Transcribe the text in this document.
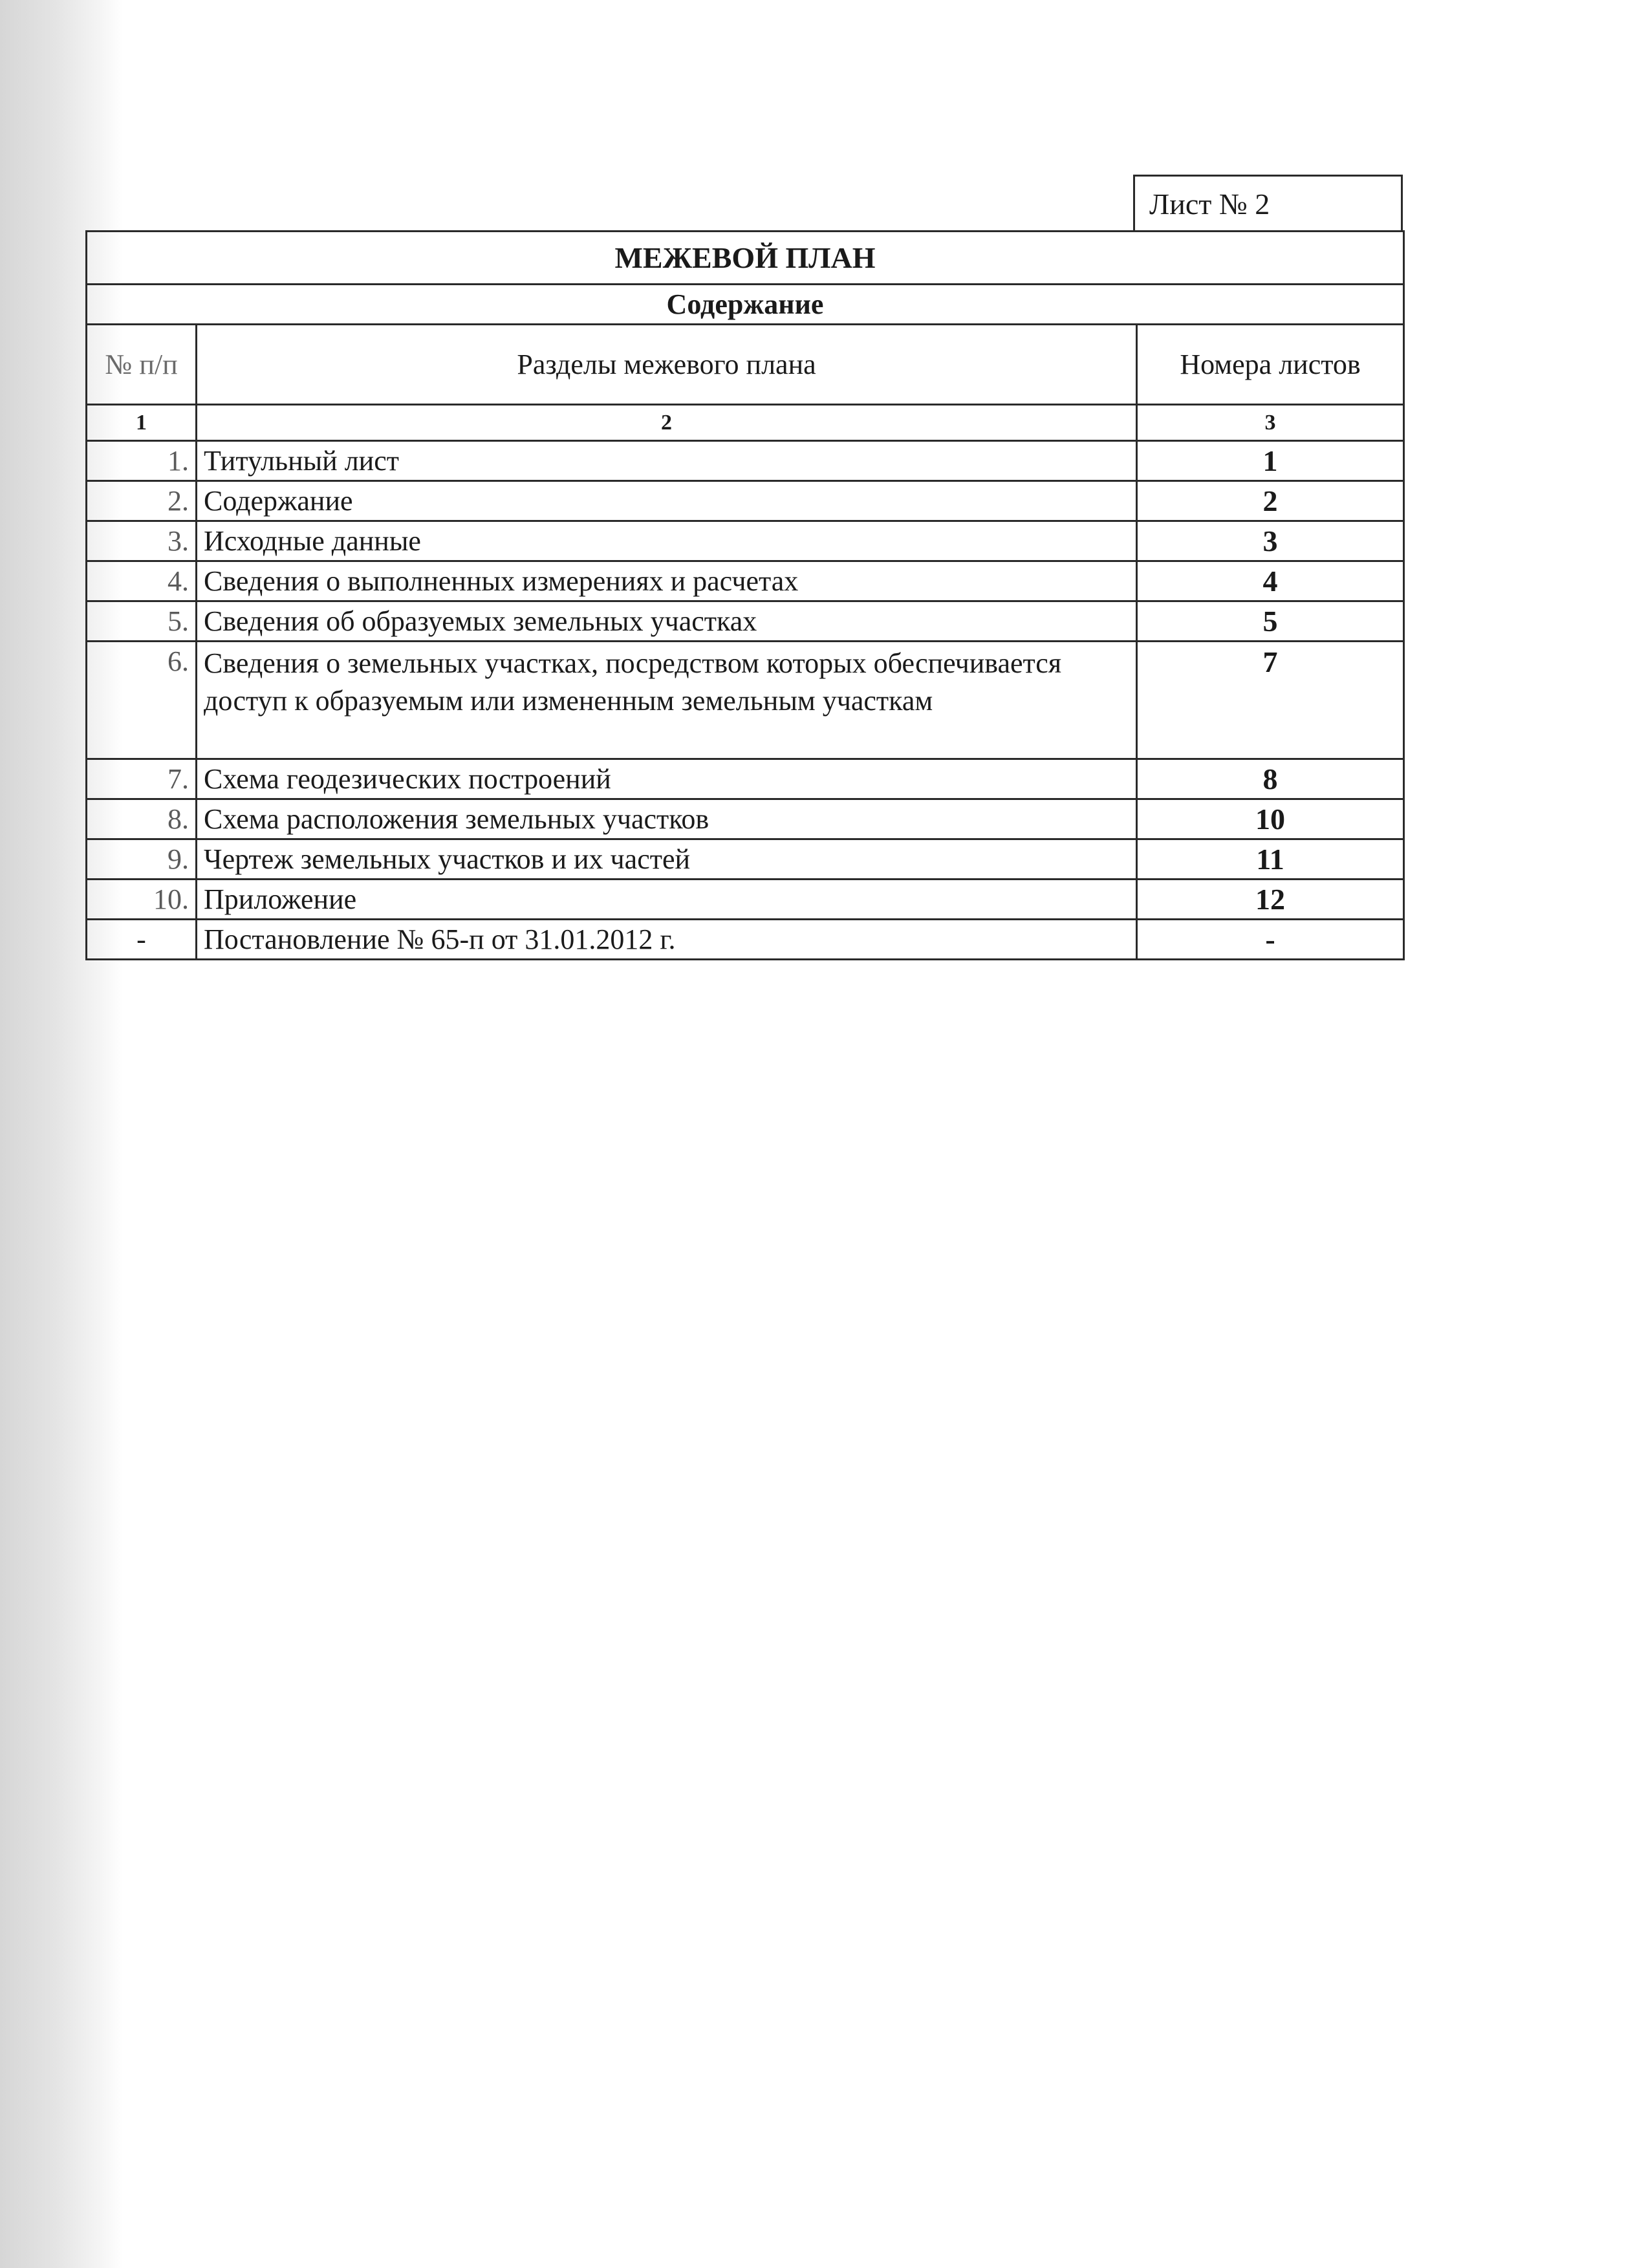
Лист № 2
МЕЖЕВОЙ ПЛАН		
Содержание		
№ п/п	Разделы межевого плана	Номера листов
1	2	3
1.	Титульный лист	1
2.	Содержание	2
3.	Исходные данные	3
4.	Сведения о выполненных измерениях и расчетах	4
5.	Сведения об образуемых земельных участках	5
6.	Сведения о земельных участках, посредством которых обеспечивается доступ к образуемым или измененным земельным участкам	7
7.	Схема геодезических построений	8
8.	Схема расположения земельных участков	10
9.	Чертеж земельных участков и их частей	11
10.	Приложение	12
-	Постановление № 65-п от 31.01.2012 г.	-
